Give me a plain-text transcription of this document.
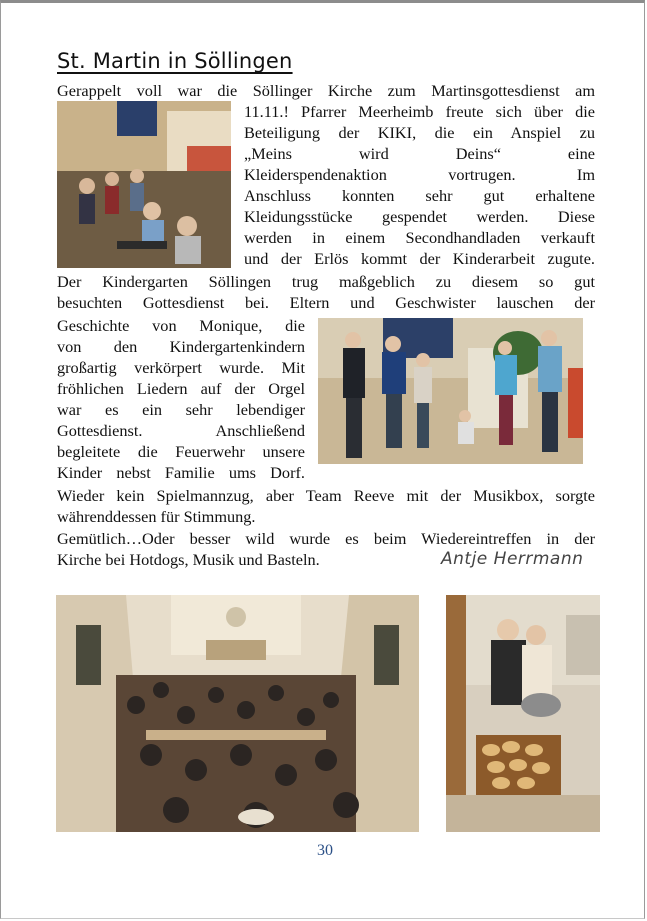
St. Martin in Söllingen

Gerappelt voll war die Söllinger Kirche zum Martinsgottesdienst am

11.11.! Pfarrer Meerheimb freute sich über die

Beteiligung der KIKI, die ein Anspiel zu

„Meins wird Deins“ eine

Kleiderspendenaktion vortrugen. Im

Anschluss konnten sehr gut erhaltene

Kleidungsstücke gespendet werden. Diese

werden in einem Secondhandladen verkauft

und der Erlös kommt der Kinderarbeit zugute.

Der Kindergarten Söllingen trug maßgeblich zu diesem so gut

besuchten Gottesdienst bei. Eltern und Geschwister lauschen der

Geschichte von Monique, die

von den Kindergartenkindern

großartig verkörpert wurde. Mit

fröhlichen Liedern auf der Orgel

war es ein sehr lebendiger

Gottesdienst. Anschließend

begleitete die Feuerwehr unsere

Kinder nebst Familie ums Dorf.

Wieder kein Spielmannzug, aber Team Reeve mit der Musikbox, sorgte

währenddessen für Stimmung.

Gemütlich…Oder besser wild wurde es beim Wiedereintreffen in der

Kirche bei Hotdogs, Musik und Basteln.	Antje Herrmann
30
